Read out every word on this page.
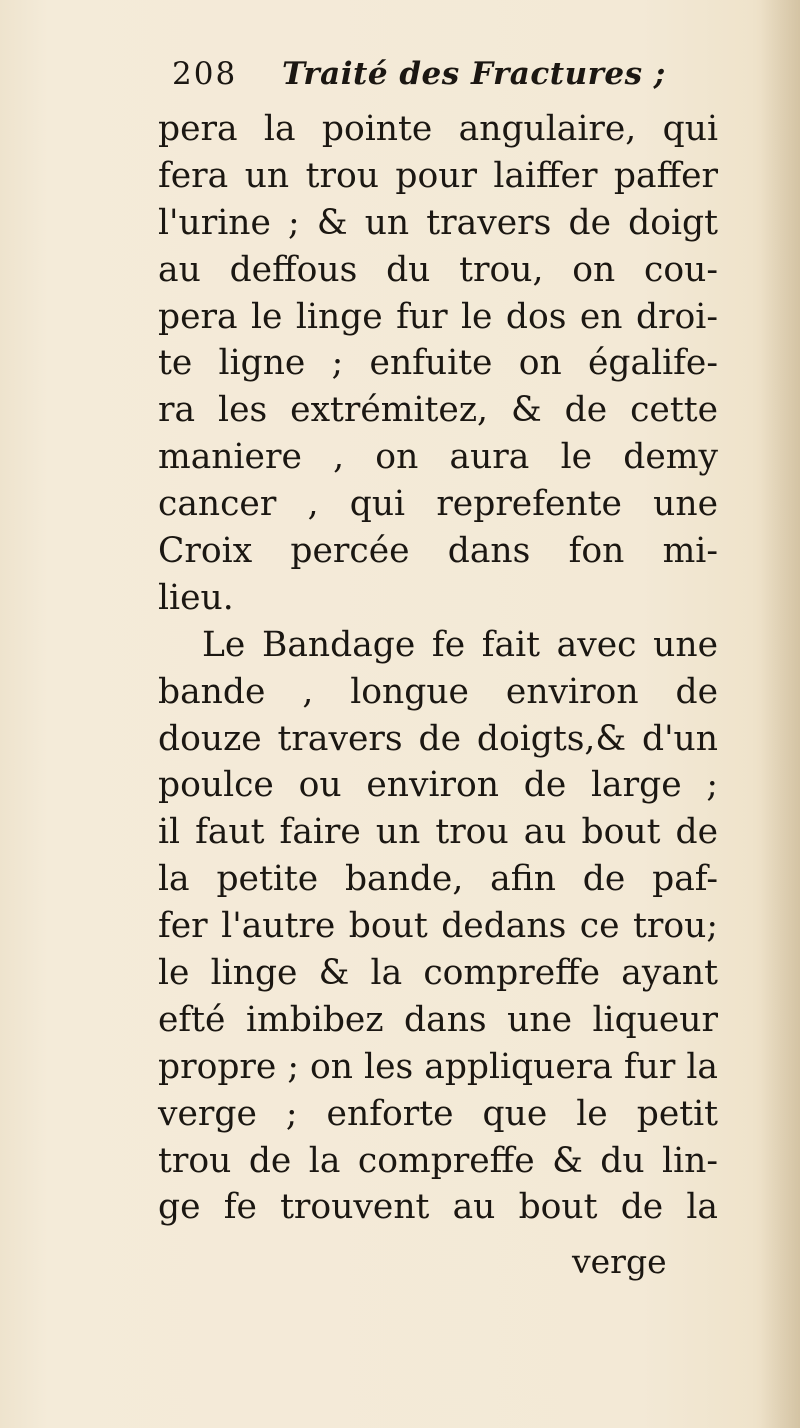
208	Traité des Fractures ;
pera la pointe angulaire, qui
fera un trou pour laiffer paffer
l'urine ; & un travers de doigt
au deffous du trou, on cou-
pera le linge fur le dos en droi-
te ligne ; enfuite on égalife-
ra les extrémitez, & de cette
maniere , on aura le demy
cancer , qui reprefente une
Croix percée dans fon mi-
lieu.
Le Bandage fe fait avec une
bande , longue environ de
douze travers de doigts,& d'un
poulce ou environ de large ;
il faut faire un trou au bout de
la petite bande, afin de paf-
fer l'autre bout dedans ce trou;
le linge & la compreffe ayant
efté imbibez dans une liqueur
propre ; on les appliquera fur la
verge ; enforte que le petit
trou de la compreffe & du lin-
ge fe trouvent au bout de la
verge
